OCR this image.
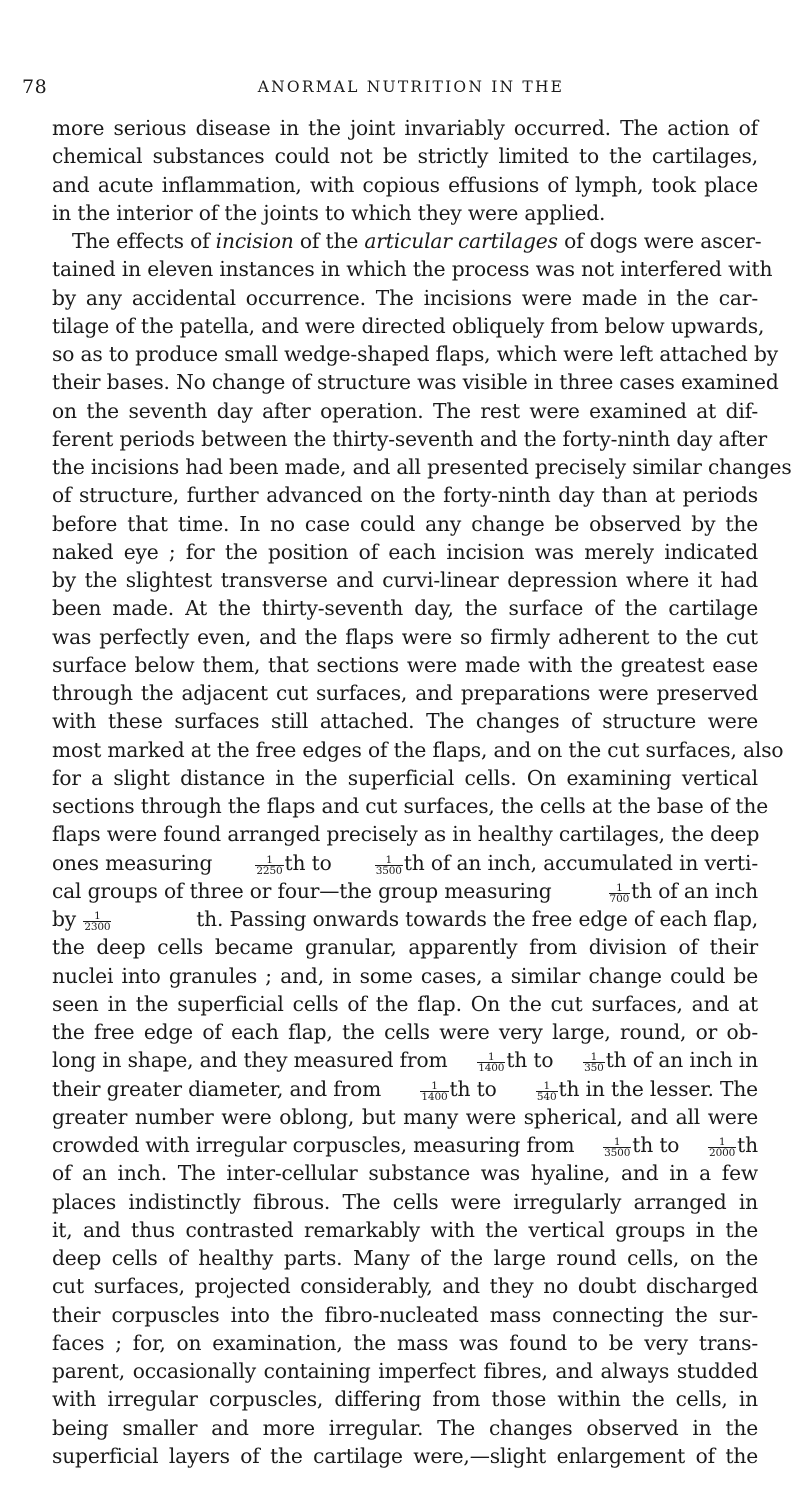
78	ANORMAL NUTRITION IN THE
more serious disease in the joint invariably occurred. The action of
chemical substances could not be strictly limited to the cartilages,
and acute inflammation, with copious effusions of lymph, took place
in the interior of the joints to which they were applied.
The effects of incision of the articular cartilages of dogs were ascer-
tained in eleven instances in which the process was not interfered with
by any accidental occurrence. The incisions were made in the car-
tilage of the patella, and were directed obliquely from below upwards,
so as to produce small wedge-shaped flaps, which were left attached by
their bases. No change of structure was visible in three cases examined
on the seventh day after operation. The rest were examined at dif-
ferent periods between the thirty-seventh and the forty-ninth day after
the incisions had been made, and all presented precisely similar changes
of structure, further advanced on the forty-ninth day than at periods
before that time. In no case could any change be observed by the
naked eye ; for the position of each incision was merely indicated
by the slightest transverse and curvi-linear depression where it had
been made. At the thirty-seventh day, the surface of the cartilage
was perfectly even, and the flaps were so firmly adherent to the cut
surface below them, that sections were made with the greatest ease
through the adjacent cut surfaces, and preparations were preserved
with these surfaces still attached. The changes of structure were
most marked at the free edges of the flaps, and on the cut surfaces, also
for a slight distance in the superficial cells. On examining vertical
sections through the flaps and cut surfaces, the cells at the base of the
flaps were found arranged precisely as in healthy cartilages, the deep
ones measuring	$\frac{1}{2250}$ th to	$\frac{1}{3500}$ th of an inch, accumulated in verti-
cal groups of three or four—the group measuring	$\frac{1}{700}$ th of an inch
by $\frac{1}{2300}$	th. Passing onwards towards the free edge of each flap,
the deep cells became granular, apparently from division of their
nuclei into granules ; and, in some cases, a similar change could be
seen in the superficial cells of the flap. On the cut surfaces, and at
the free edge of each flap, the cells were very large, round, or ob-
long in shape, and they measured from	$\frac{1}{1400}$ th to	$\frac{1}{350}$ th of an inch in
their greater diameter, and from	$\frac{1}{1400}$ th to	$\frac{1}{540}$ th in the lesser. The
greater number were oblong, but many were spherical, and all were
crowded with irregular corpuscles, measuring from	$\frac{1}{3500}$ th to	$\frac{1}{2000}$ th
of an inch. The inter-cellular substance was hyaline, and in a few
places indistinctly fibrous. The cells were irregularly arranged in
it, and thus contrasted remarkably with the vertical groups in the
deep cells of healthy parts. Many of the large round cells, on the
cut surfaces, projected considerably, and they no doubt discharged
their corpuscles into the fibro-nucleated mass connecting the sur-
faces ; for, on examination, the mass was found to be very trans-
parent, occasionally containing imperfect fibres, and always studded
with irregular corpuscles, differing from those within the cells, in
being smaller and more irregular. The changes observed in the
superficial layers of the cartilage were,—slight enlargement of the
